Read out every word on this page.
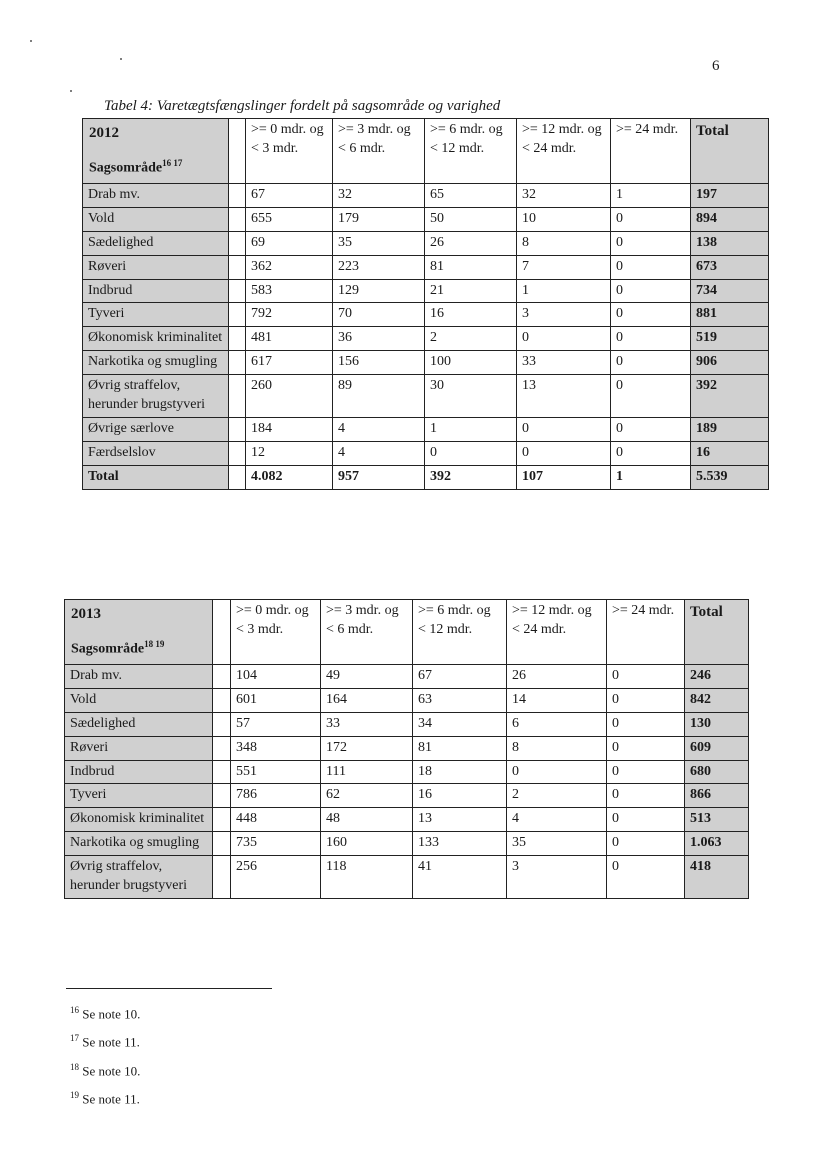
6
Tabel 4: Varetægtsfængslinger fordelt på sagsområde og varighed
2012
Sagsområde$^{16 17}$		>= 0 mdr. og < 3 mdr.	>= 3 mdr. og < 6 mdr.	>= 6 mdr. og < 12 mdr.	>= 12 mdr. og < 24 mdr.	>= 24 mdr.	Total
Drab mv.		67	32	65	32	1	197
Vold		655	179	50	10	0	894
Sædelighed		69	35	26	8	0	138
Røveri		362	223	81	7	0	673
Indbrud		583	129	21	1	0	734
Tyveri		792	70	16	3	0	881
Økonomisk kriminalitet		481	36	2	0	0	519
Narkotika og smugling		617	156	100	33	0	906
Øvrig straffelov, herunder brugstyveri		260	89	30	13	0	392
Øvrige særlove		184	4	1	0	0	189
Færdselslov		12	4	0	0	0	16
Total		4.082	957	392	107	1	5.539
2013
Sagsområde$^{18 19}$		>= 0 mdr. og < 3 mdr.	>= 3 mdr. og < 6 mdr.	>= 6 mdr. og < 12 mdr.	>= 12 mdr. og < 24 mdr.	>= 24 mdr.	Total
Drab mv.		104	49	67	26	0	246
Vold		601	164	63	14	0	842
Sædelighed		57	33	34	6	0	130
Røveri		348	172	81	8	0	609
Indbrud		551	111	18	0	0	680
Tyveri		786	62	16	2	0	866
Økonomisk kriminalitet		448	48	13	4	0	513
Narkotika og smugling		735	160	133	35	0	1.063
Øvrig straffelov, herunder brugstyveri		256	118	41	3	0	418
$^{16}$ Se note 10.
$^{17}$ Se note 11.
$^{18}$ Se note 10.
$^{19}$ Se note 11.
